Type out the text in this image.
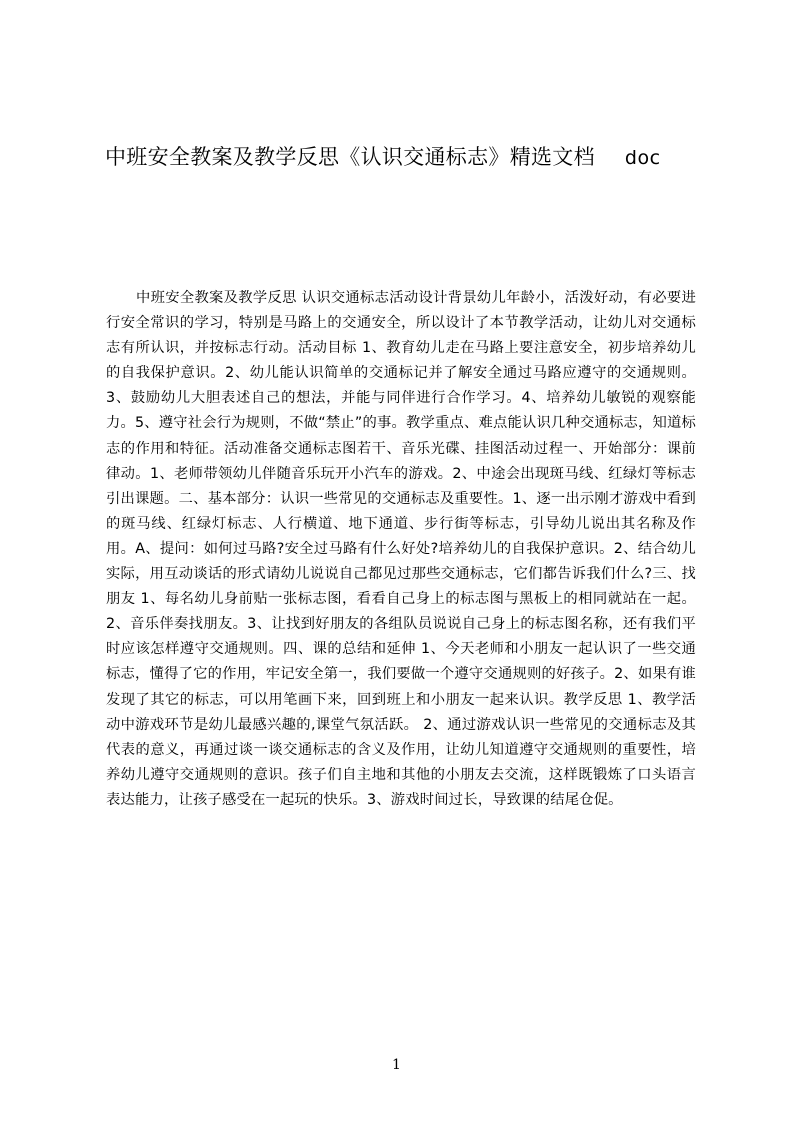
中班安全教案及教学反思《认识交通标志》精选文档 doc

中班安全教案及教学反思 认识交通标志活动设计背景幼儿年龄小，活泼好动，有必要进行安全常识的学习，特别是马路上的交通安全，所以设计了本节教学活动，让幼儿对交通标志有所认识，并按标志行动。活动目标 1、教育幼儿走在马路上要注意安全，初步培养幼儿的自我保护意识。2、幼儿能认识简单的交通标记并了解安全通过马路应遵守的交通规则。3、鼓励幼儿大胆表述自己的想法，并能与同伴进行合作学习。4、培养幼儿敏锐的观察能力。5、遵守社会行为规则，不做“禁止”的事。教学重点、难点能认识几种交通标志，知道标志的作用和特征。活动准备交通标志图若干、音乐光碟、挂图活动过程一、开始部分：课前律动。1、老师带领幼儿伴随音乐玩开小汽车的游戏。2、中途会出现斑马线、红绿灯等标志引出课题。二、基本部分：认识一些常见的交通标志及重要性。1、逐一出示刚才游戏中看到的斑马线、红绿灯标志、人行横道、地下通道、步行街等标志，引导幼儿说出其名称及作用。A、提问：如何过马路?安全过马路有什么好处?培养幼儿的自我保护意识。2、结合幼儿实际，用互动谈话的形式请幼儿说说自己都见过那些交通标志，它们都告诉我们什么?三、找朋友 1、每名幼儿身前贴一张标志图，看看自己身上的标志图与黑板上的相同就站在一起。2、音乐伴奏找朋友。3、让找到好朋友的各组队员说说自己身上的标志图名称，还有我们平时应该怎样遵守交通规则。四、课的总结和延伸 1、今天老师和小朋友一起认识了一些交通标志，懂得了它的作用，牢记安全第一，我们要做一个遵守交通规则的好孩子。2、如果有谁发现了其它的标志，可以用笔画下来，回到班上和小朋友一起来认识。教学反思 1、教学活动中游戏环节是幼儿最感兴趣的,课堂气氛活跃。 2、通过游戏认识一些常见的交通标志及其代表的意义，再通过谈一谈交通标志的含义及作用，让幼儿知道遵守交通规则的重要性，培养幼儿遵守交通规则的意识。孩子们自主地和其他的小朋友去交流，这样既锻炼了口头语言表达能力，让孩子感受在一起玩的快乐。3、游戏时间过长，导致课的结尾仓促。

1
